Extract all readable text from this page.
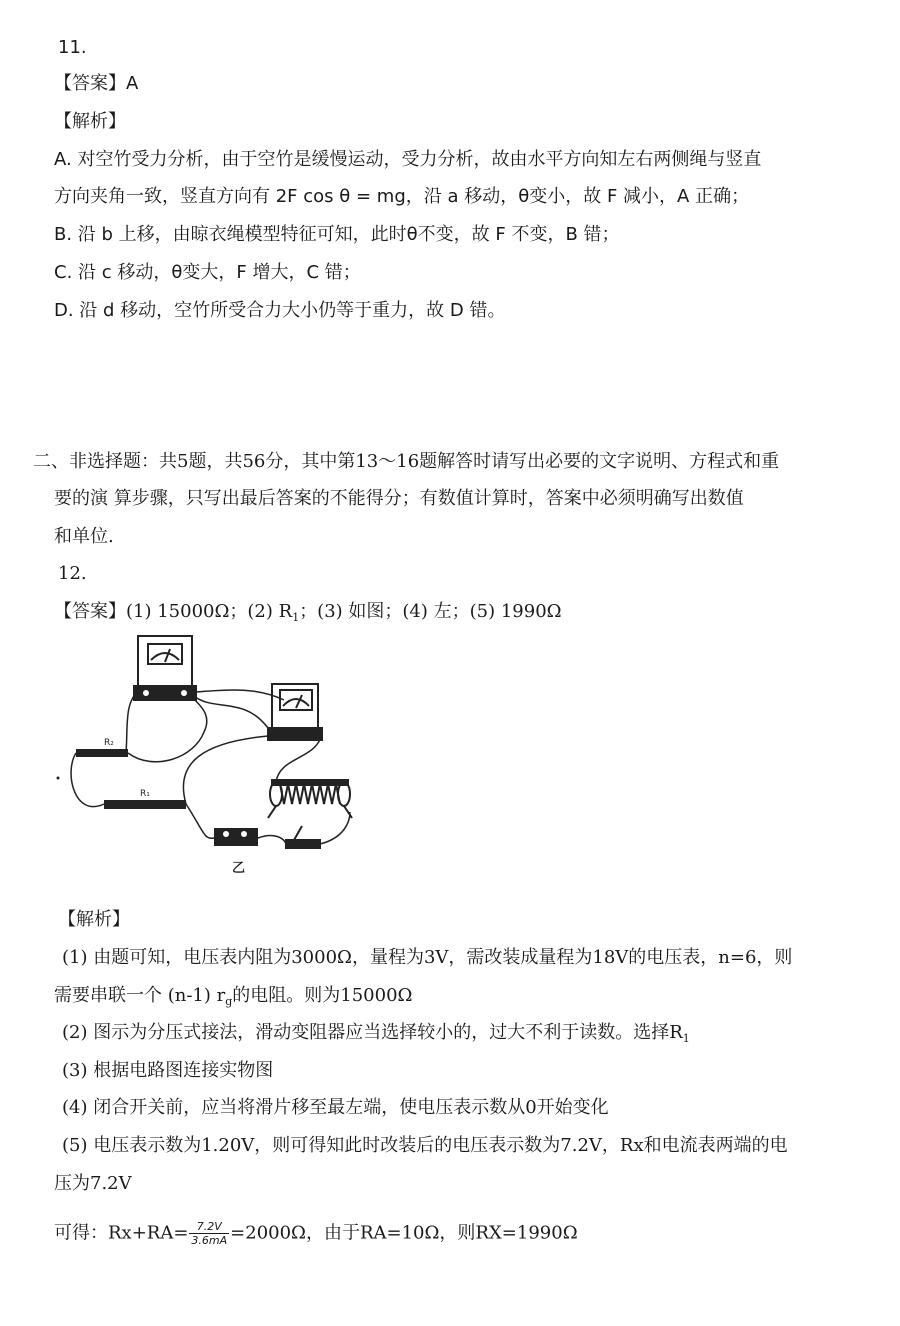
11.
【答案】A
【解析】
A. 对空竹受力分析，由于空竹是缓慢运动，受力分析，故由水平方向知左右两侧绳与竖直
方向夹角一致，竖直方向有 2F cos θ = mg，沿 a 移动，θ变小，故 F 减小，A 正确；
B. 沿 b 上移，由晾衣绳模型特征可知，此时θ不变，故 F 不变，B 错；
C. 沿 c 移动，θ变大，F 增大，C 错；
D. 沿 d 移动，空竹所受合力大小仍等于重力，故 D 错。
二、非选择题：共5题，共56分，其中第13～16题解答时请写出必要的文字说明、方程式和重
要的演 算步骤，只写出最后答案的不能得分；有数值计算时，答案中必须明确写出数值
和单位.
12.
【答案】(1) 15000Ω；(2) $R_1$；(3) 如图；(4) 左；(5) 1990Ω
R₂
R₁
乙
【解析】
(1) 由题可知，电压表内阻为3000Ω，量程为3V，需改装成量程为18V的电压表，n=6，则
需要串联一个 (n-1) $r_g$的电阻。则为15000Ω
(2) 图示为分压式接法，滑动变阻器应当选择较小的，过大不利于读数。选择$R_1$
(3) 根据电路图连接实物图
(4) 闭合开关前，应当将滑片移至最左端，使电压表示数从0开始变化
(5) 电压表示数为1.20V，则可得知此时改装后的电压表示数为7.2V，Rx和电流表两端的电
压为7.2V
可得：$Rx+RA= \frac{7.2V}{3.6mA} =2000\Omega$，由于RA=10Ω，则RX=1990Ω
